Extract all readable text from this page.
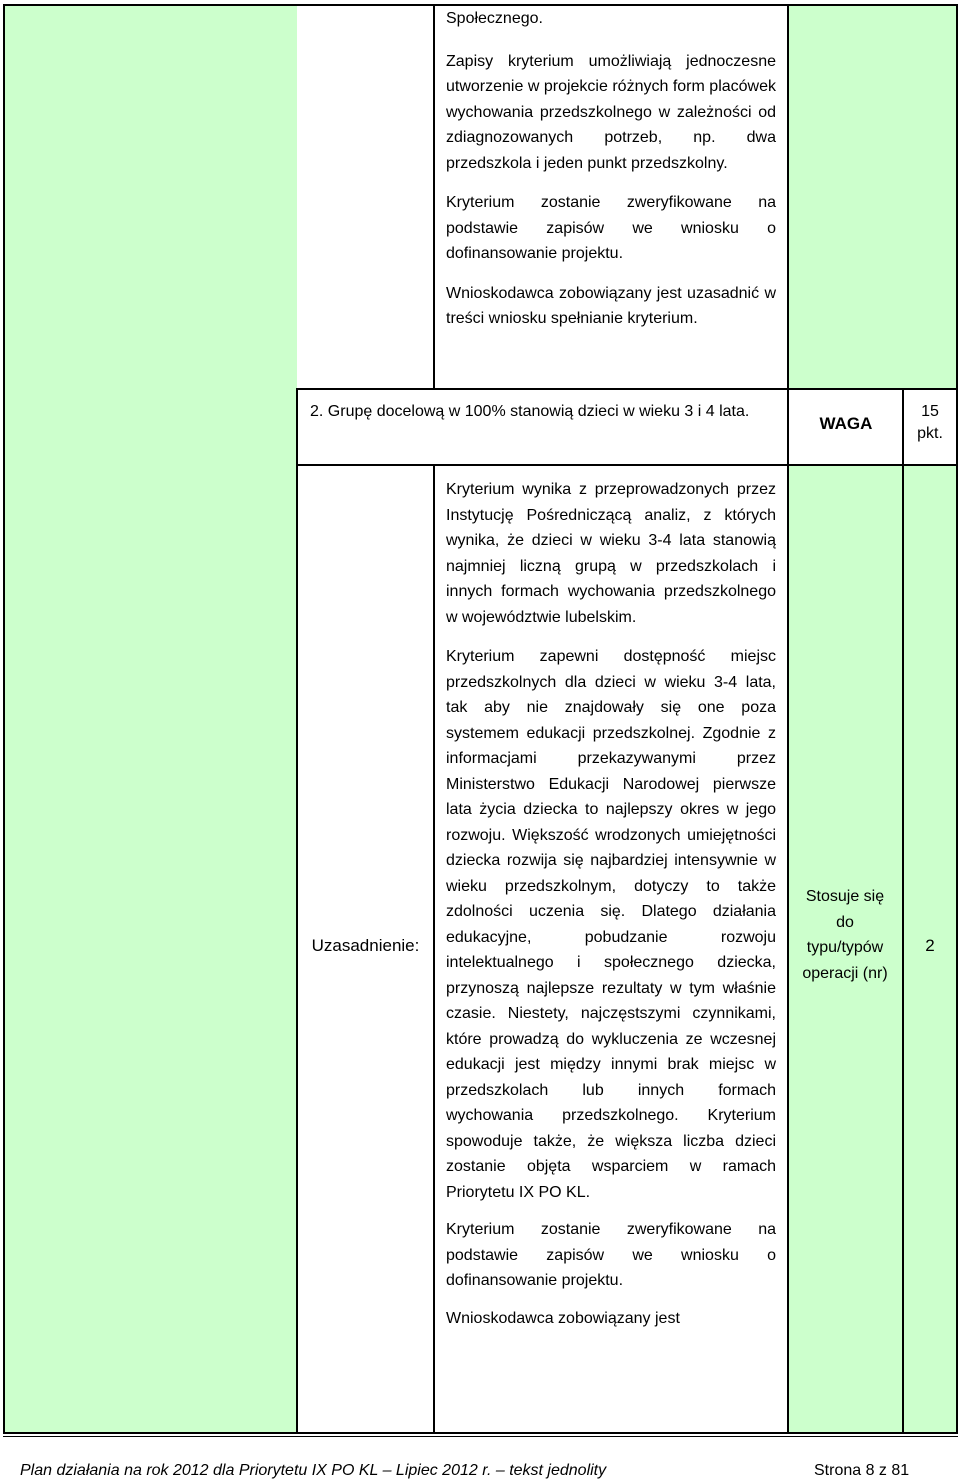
Społecznego.

Zapisy kryterium umożliwiają jednoczesne utworzenie w projekcie różnych form placówek wychowania przedszkolnego w zależności od zdiagnozowanych potrzeb, np. dwa przedszkola i jeden punkt przedszkolny.

Kryterium zostanie zweryfikowane na podstawie zapisów we wniosku o dofinansowanie projektu.

Wnioskodawca zobowiązany jest uzasadnić w treści wniosku spełnianie kryterium.

2. Grupę docelową w 100% stanowią dzieci w wieku 3 i 4 lata.
WAGA
15
pkt.
Uzasadnienie:

Kryterium wynika z przeprowadzonych przez Instytucję Pośredniczącą analiz, z których wynika, że dzieci w wieku 3-4 lata stanowią najmniej liczną grupą w przedszkolach i innych formach wychowania przedszkolnego w województwie lubelskim.

Kryterium zapewni dostępność miejsc przedszkolnych dla dzieci w wieku 3-4 lata, tak aby nie znajdowały się one poza systemem edukacji przedszkolnej. Zgodnie z informacjami przekazywanymi przez Ministerstwo Edukacji Narodowej pierwsze lata życia dziecka to najlepszy okres w jego rozwoju. Większość wrodzonych umiejętności dziecka rozwija się najbardziej intensywnie w wieku przedszkolnym, dotyczy to także zdolności uczenia się. Dlatego działania edukacyjne, pobudzanie rozwoju intelektualnego i społecznego dziecka, przynoszą najlepsze rezultaty w tym właśnie czasie. Niestety, najczęstszymi czynnikami, które prowadzą do wykluczenia ze wczesnej edukacji jest między innymi brak miejsc w przedszkolach lub innych formach wychowania przedszkolnego. Kryterium spowoduje także, że większa liczba dzieci zostanie objęta wsparciem w ramach Priorytetu IX PO KL.

Kryterium zostanie zweryfikowane na podstawie zapisów we wniosku o dofinansowanie projektu.

Wnioskodawca zobowiązany jest

Stosuje się do typu/typów operacji (nr)
2
Plan działania na rok 2012 dla Priorytetu IX PO KL – Lipiec 2012 r. – tekst jednolity	Strona 8 z 81
